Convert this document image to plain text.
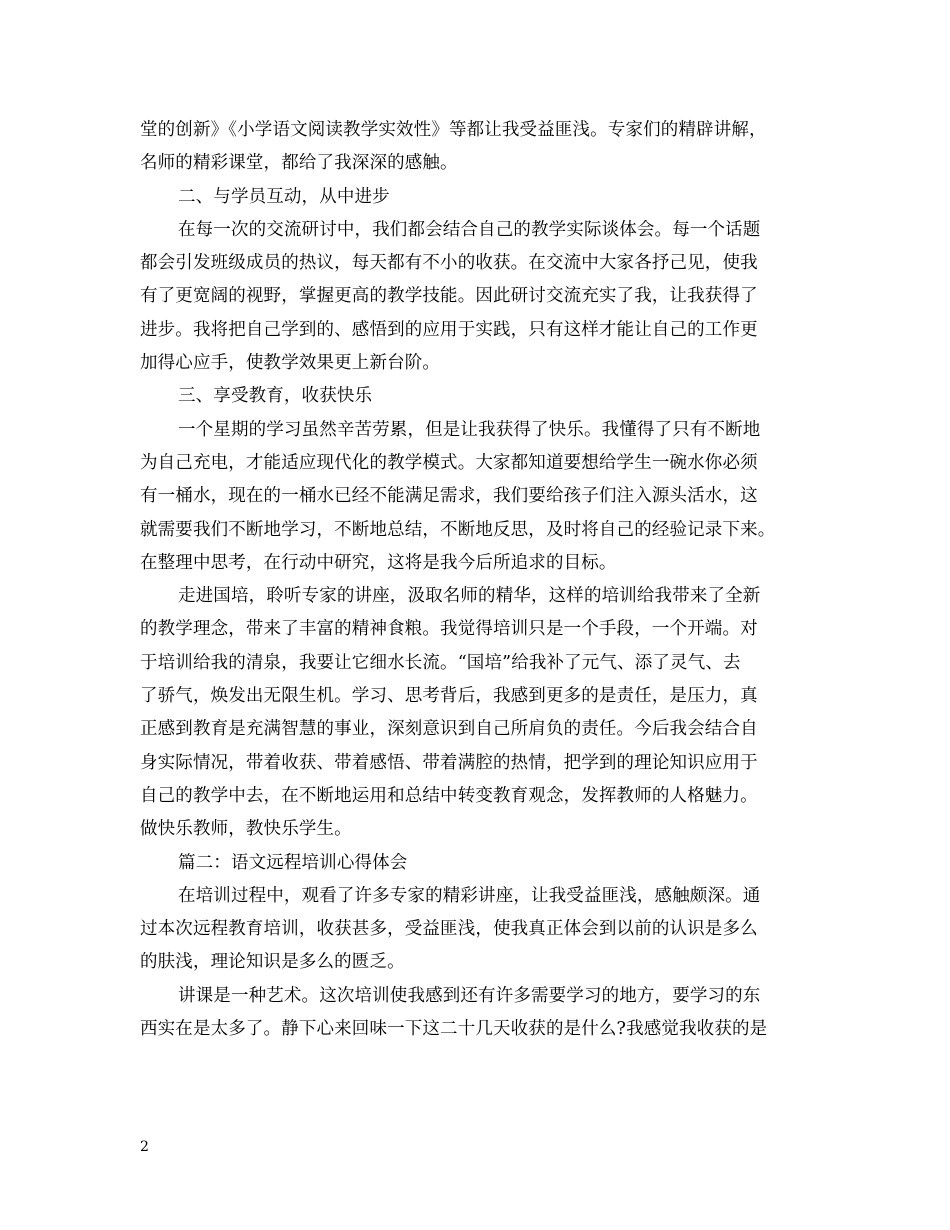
堂的创新》《小学语文阅读教学实效性》等都让我受益匪浅。专家们的精辟讲解，
名师的精彩课堂，都给了我深深的感触。
二、与学员互动，从中进步
在每一次的交流研讨中，我们都会结合自己的教学实际谈体会。每一个话题
都会引发班级成员的热议，每天都有不小的收获。在交流中大家各抒己见，使我
有了更宽阔的视野，掌握更高的教学技能。因此研讨交流充实了我，让我获得了
进步。我将把自己学到的、感悟到的应用于实践，只有这样才能让自己的工作更
加得心应手，使教学效果更上新台阶。
三、享受教育，收获快乐
一个星期的学习虽然辛苦劳累，但是让我获得了快乐。我懂得了只有不断地
为自己充电，才能适应现代化的教学模式。大家都知道要想给学生一碗水你必须
有一桶水，现在的一桶水已经不能满足需求，我们要给孩子们注入源头活水，这
就需要我们不断地学习，不断地总结，不断地反思，及时将自己的经验记录下来。
在整理中思考，在行动中研究，这将是我今后所追求的目标。
走进国培，聆听专家的讲座，汲取名师的精华，这样的培训给我带来了全新
的教学理念，带来了丰富的精神食粮。我觉得培训只是一个手段，一个开端。对
于培训给我的清泉，我要让它细水长流。“国培”给我补了元气、添了灵气、去
了骄气，焕发出无限生机。学习、思考背后，我感到更多的是责任，是压力，真
正感到教育是充满智慧的事业，深刻意识到自己所肩负的责任。今后我会结合自
身实际情况，带着收获、带着感悟、带着满腔的热情，把学到的理论知识应用于
自己的教学中去，在不断地运用和总结中转变教育观念，发挥教师的人格魅力。
做快乐教师，教快乐学生。
篇二：语文远程培训心得体会
在培训过程中，观看了许多专家的精彩讲座，让我受益匪浅，感触颇深。通
过本次远程教育培训，收获甚多，受益匪浅，使我真正体会到以前的认识是多么
的肤浅，理论知识是多么的匮乏。
讲课是一种艺术。这次培训使我感到还有许多需要学习的地方，要学习的东
西实在是太多了。静下心来回味一下这二十几天收获的是什么?我感觉我收获的是
2
